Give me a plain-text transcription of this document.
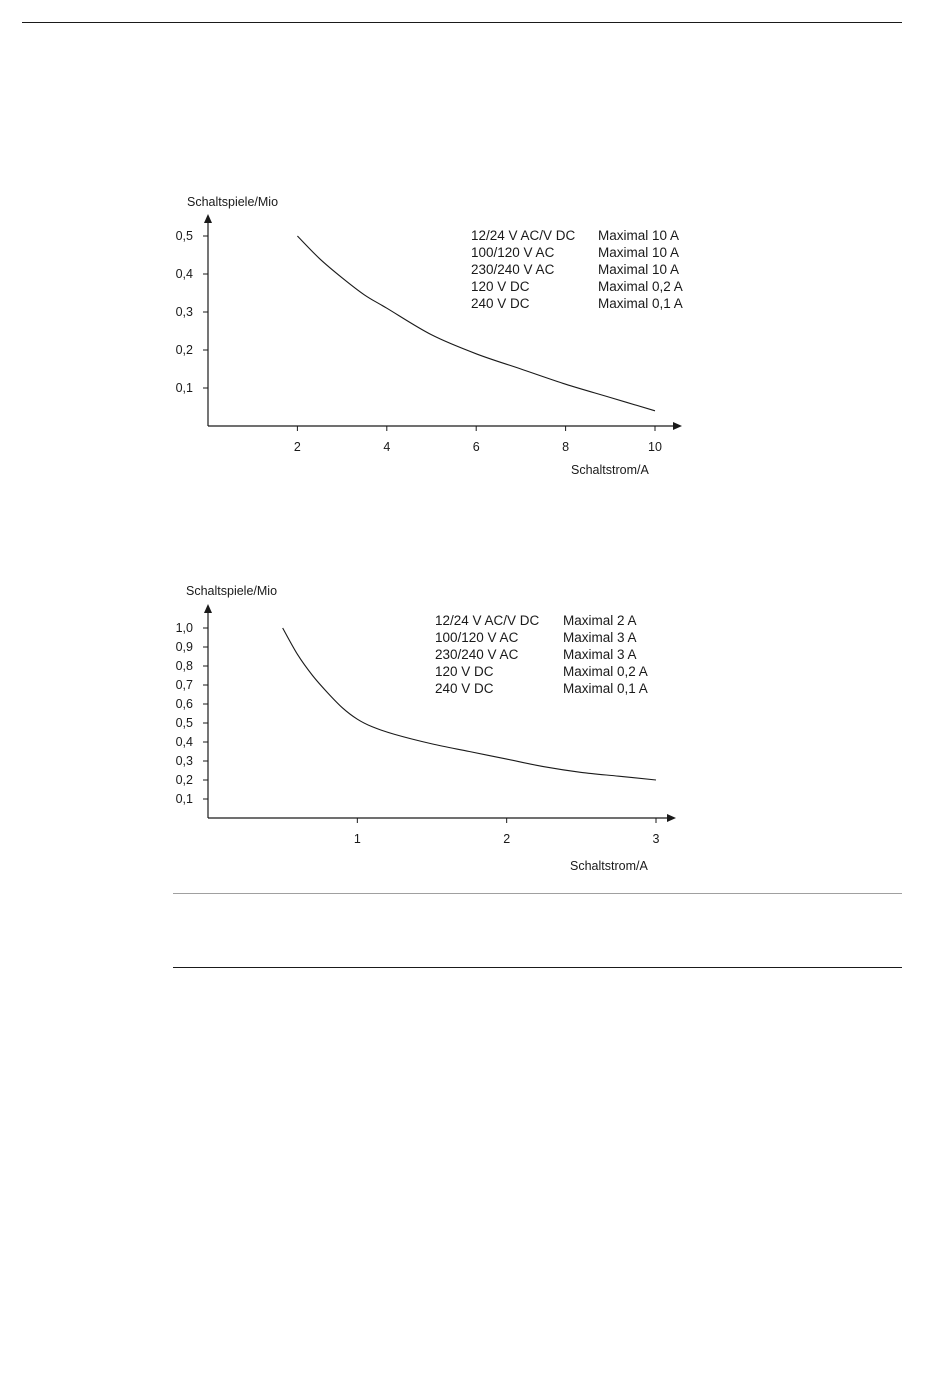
0,1
0,2
0,3
0,4
0,5
2	4	6	8	10
Schaltspiele/Mio
Schaltstrom/A
12/24 V AC/V DC Maximal 10 A
100/120 V AC	Maximal 10 A
230/240 V AC	Maximal 10 A
120 V DC	Maximal 0,2 A
240 V DC	Maximal 0,1 A
0,1
0,2
0,3
0,4
0,5
0,6
0,7
0,8
0,9
1,0
1	2	3
Schaltspiele/Mio
Schaltstrom/A
12/24 V AC/V DC Maximal 2 A
100/120 V AC	Maximal 3 A
230/240 V AC	Maximal 3 A
120 V DC	Maximal 0,2 A
240 V DC	Maximal 0,1 A
